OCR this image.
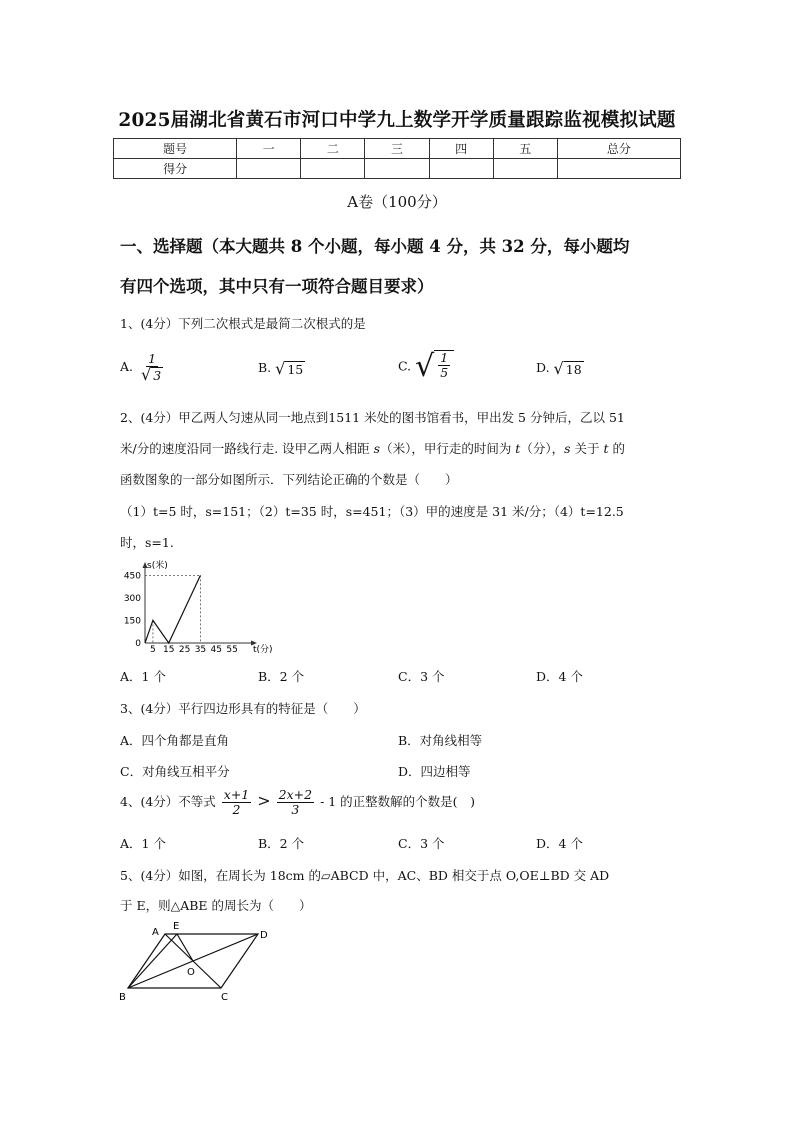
2025届湖北省黄石市河口中学九上数学开学质量跟踪监视模拟试题
题号	一	二	三	四	五	总分
得分						
A卷（100分）
一、选择题（本大题共 8 个小题，每小题 4 分，共 32 分，每小题均
有四个选项，其中只有一项符合题目要求）
1、(4分）下列二次根式是最简二次根式的是
A. $\frac{1}{√ 3}$	B. √ 15	C. √ $\frac{1}{5}$	D. √ 18
2、(4分）甲乙两人匀速从同一地点到1511 米处的图书馆看书，甲出发 5 分钟后，乙以 51
米/分的速度沿同一路线行走. 设甲乙两人相距 s（米），甲行走的时间为 t（分），s 关于 t 的
函数图象的一部分如图所示．下列结论正确的个数是（　　）
（1）t=5 时，s=151；（2）t=35 时，s=451；（3）甲的速度是 31 米/分；（4）t=12.5
时，s=1.
s(米)
t(分)
450
300
150
0
5 15 25 35 45 55
A．1 个	B．2 个	C．3 个	D．4 个
3、(4分）平行四边形具有的特征是（　　）
A．四个角都是直角	B．对角线相等
C．对角线互相平分	D．四边相等
4、(4分）不等式 $\frac{x+1}{2} > \frac{2x+2}{3} - 1$ 的正整数解的个数是(　)
A．1 个	B．2 个	C．3 个	D．4 个
5、(4分）如图，在周长为 18cm 的▱ABCD 中，AC、BD 相交于点 O,OE⊥BD 交 AD
于 E，则△ABE 的周长为（　　）
A
E
D
O
B	C
